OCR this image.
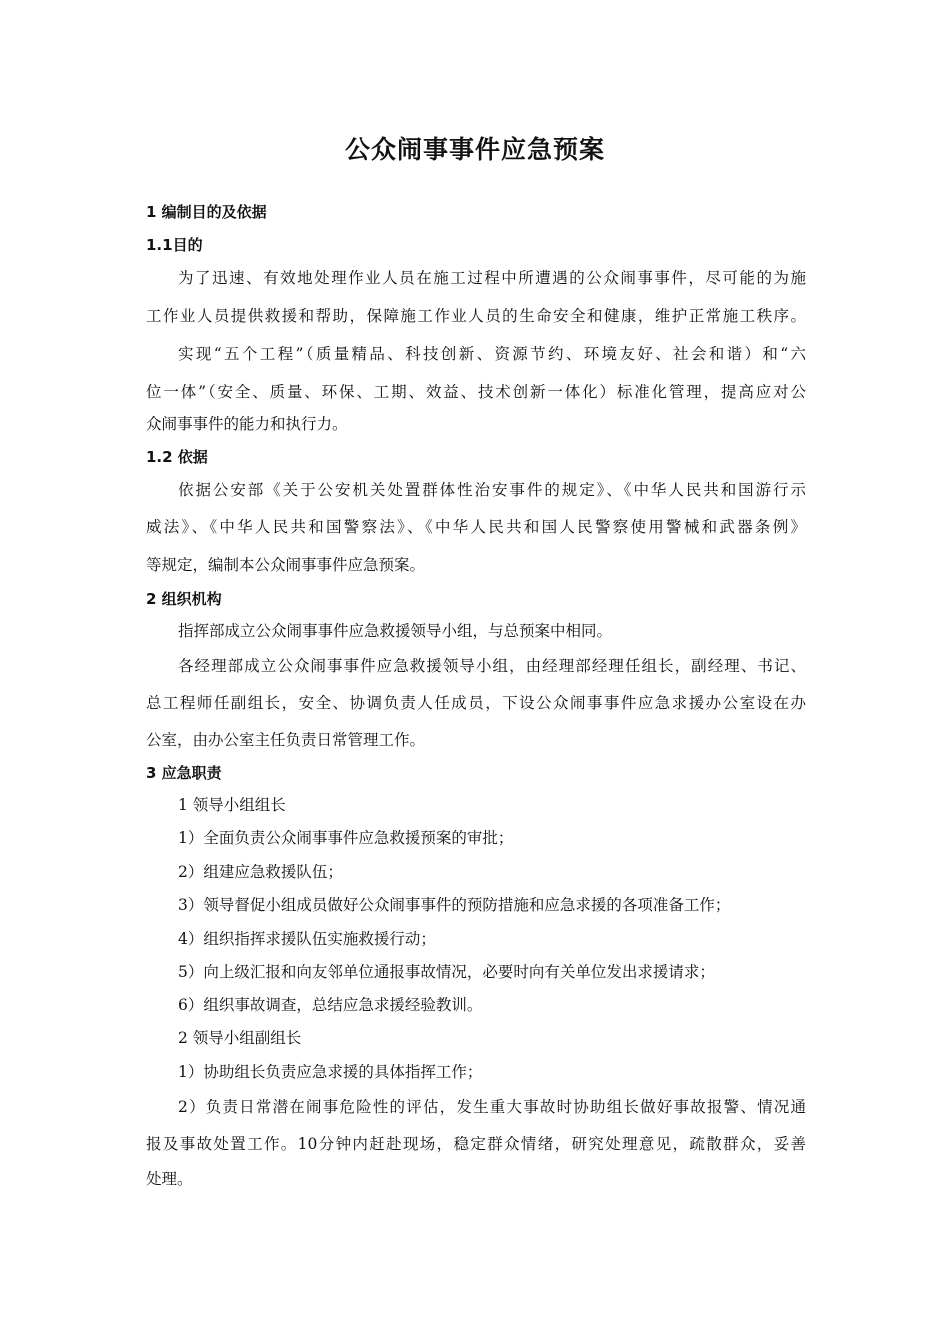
公众闹事事件应急预案

1 编制目的及依据

1.1目的

为了迅速、有效地处理作业人员在施工过程中所遭遇的公众闹事事件，尽可能的为施

工作业人员提供救援和帮助，保障施工作业人员的生命安全和健康，维护正常施工秩序。

实现“五个工程”（质量精品、科技创新、资源节约、环境友好、社会和谐）和“六

位一体”（安全、质量、环保、工期、效益、技术创新一体化）标准化管理，提高应对公

众闹事事件的能力和执行力。

1.2 依据

依据公安部《关于公安机关处置群体性治安事件的规定》、《中华人民共和国游行示

威法》、《中华人民共和国警察法》、《中华人民共和国人民警察使用警械和武器条例》

等规定，编制本公众闹事事件应急预案。

2 组织机构

指挥部成立公众闹事事件应急救援领导小组，与总预案中相同。

各经理部成立公众闹事事件应急救援领导小组，由经理部经理任组长，副经理、书记、

总工程师任副组长，安全、协调负责人任成员，下设公众闹事事件应急求援办公室设在办

公室，由办公室主任负责日常管理工作。

3 应急职责

1 领导小组组长

1）全面负责公众闹事事件应急救援预案的审批；

2）组建应急救援队伍；

3）领导督促小组成员做好公众闹事事件的预防措施和应急求援的各项准备工作；

4）组织指挥求援队伍实施救援行动；

5）向上级汇报和向友邻单位通报事故情况，必要时向有关单位发出求援请求；

6）组织事故调查，总结应急求援经验教训。

2 领导小组副组长

1）协助组长负责应急求援的具体指挥工作；

2）负责日常潜在闹事危险性的评估，发生重大事故时协助组长做好事故报警、情况通

报及事故处置工作。10分钟内赶赴现场，稳定群众情绪，研究处理意见，疏散群众，妥善

处理。
